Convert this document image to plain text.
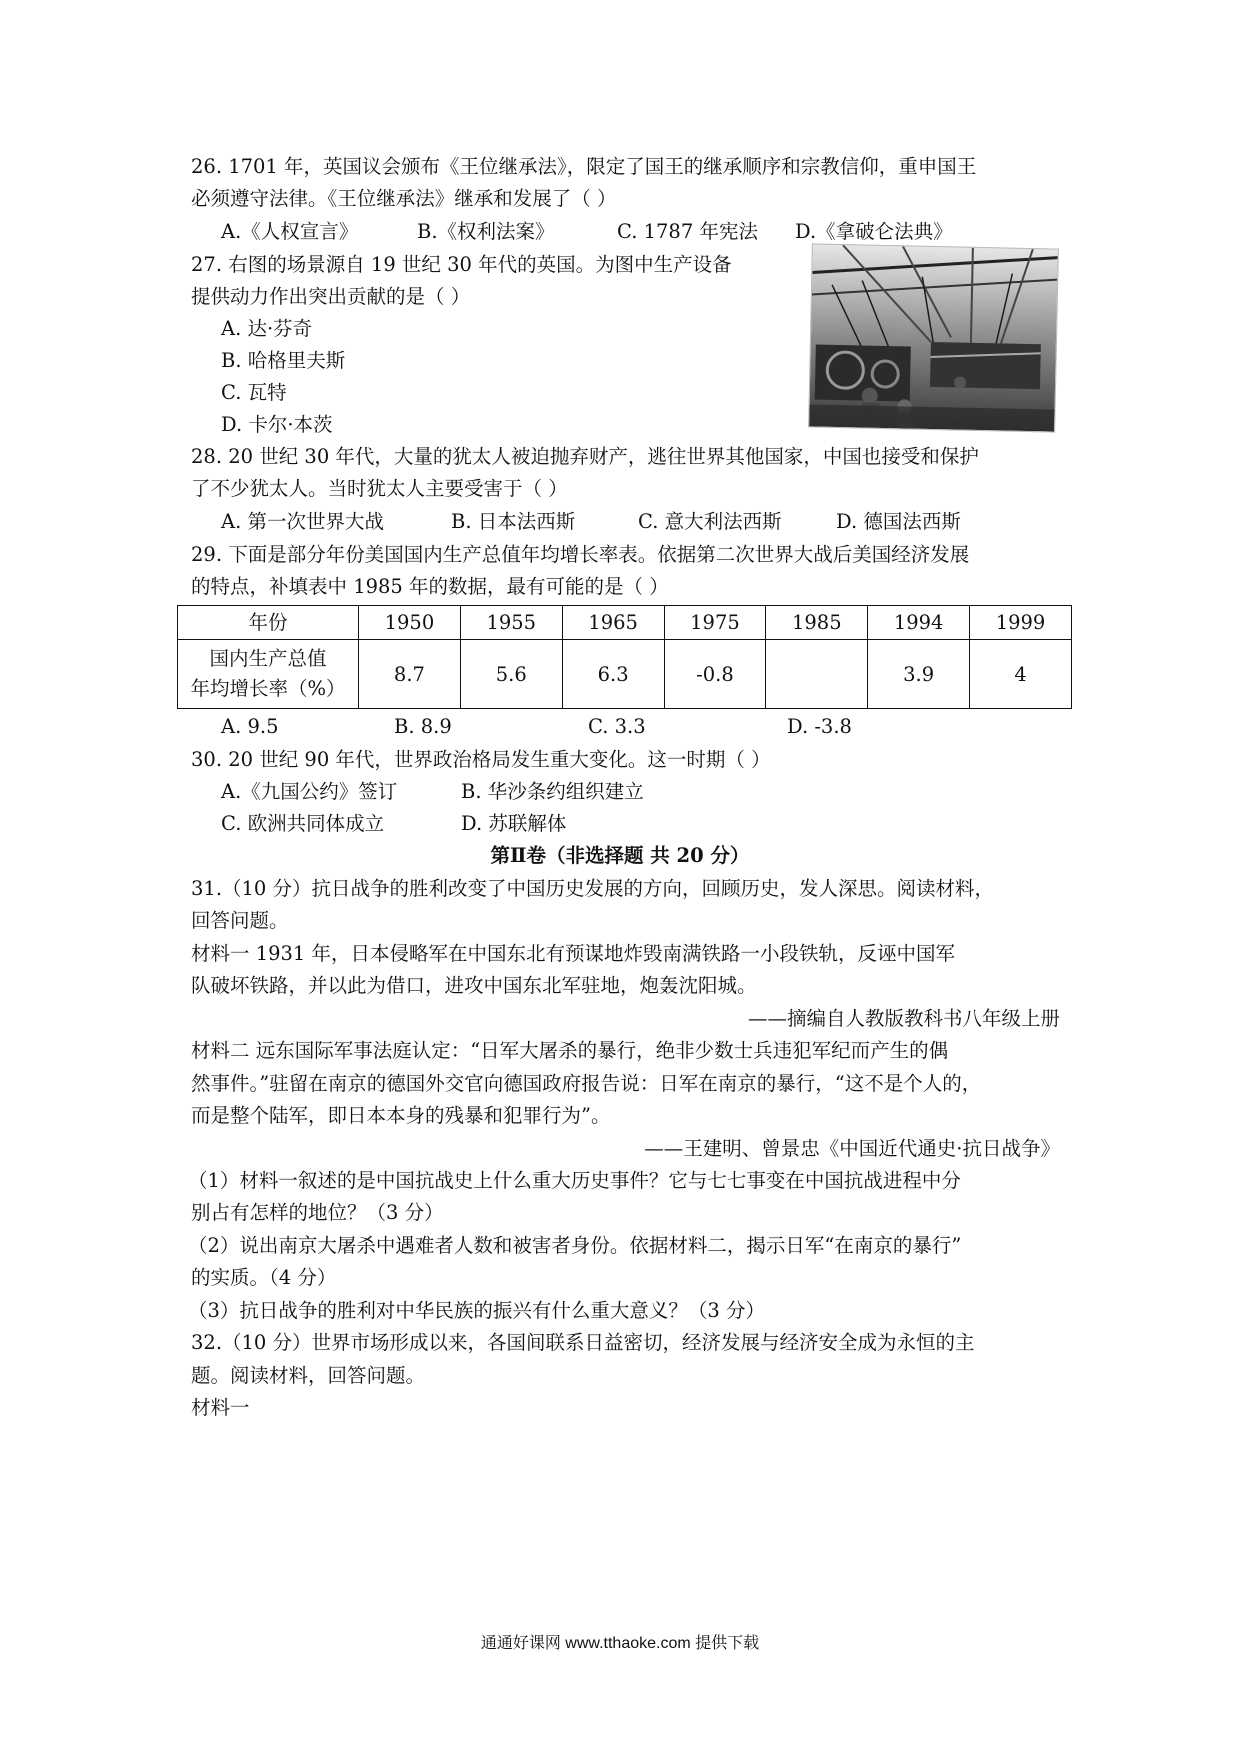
26. 1701 年，英国议会颁布《王位继承法》，限定了国王的继承顺序和宗教信仰，重申国王
必须遵守法律。《王位继承法》继承和发展了（ ）
A.《人权宣言》	B.《权利法案》	C. 1787 年宪法 D.《拿破仑法典》
27. 右图的场景源自 19 世纪 30 年代的英国。为图中生产设备
提供动力作出突出贡献的是（ ）
A. 达·芬奇
B. 哈格里夫斯
C. 瓦特
D. 卡尔·本茨
28. 20 世纪 30 年代，大量的犹太人被迫抛弃财产，逃往世界其他国家，中国也接受和保护
了不少犹太人。当时犹太人主要受害于（ ）
A. 第一次世界大战	B. 日本法西斯	C. 意大利法西斯	D. 德国法西斯
29. 下面是部分年份美国国内生产总值年均增长率表。依据第二次世界大战后美国经济发展
的特点，补填表中 1985 年的数据，最有可能的是（ ）
年份	1950	1955	1965	1975	1985	1994	1999

国内生产总值
年均增长率（%）	8.7	5.6	6.3	-0.8		3.9	4
A. 9.5	B. 8.9	C. 3.3	D. -3.8
30. 20 世纪 90 年代，世界政治格局发生重大变化。这一时期（ ）
A.《九国公约》签订	B. 华沙条约组织建立
C. 欧洲共同体成立	D. 苏联解体
第Ⅱ卷（非选择题 共 20 分）
31.（10 分）抗日战争的胜利改变了中国历史发展的方向，回顾历史，发人深思。阅读材料，
回答问题。
材料一 1931 年，日本侵略军在中国东北有预谋地炸毁南满铁路一小段铁轨，反诬中国军
队破坏铁路，并以此为借口，进攻中国东北军驻地，炮轰沈阳城。
——摘编自人教版教科书八年级上册
材料二 远东国际军事法庭认定：“日军大屠杀的暴行，绝非少数士兵违犯军纪而产生的偶
然事件。”驻留在南京的德国外交官向德国政府报告说：日军在南京的暴行，“这不是个人的，
而是整个陆军，即日本本身的残暴和犯罪行为”。
——王建明、曾景忠《中国近代通史·抗日战争》
（1）材料一叙述的是中国抗战史上什么重大历史事件？它与七七事变在中国抗战进程中分
别占有怎样的地位？（3 分）
（2）说出南京大屠杀中遇难者人数和被害者身份。依据材料二，揭示日军“在南京的暴行”
的实质。（4 分）
（3）抗日战争的胜利对中华民族的振兴有什么重大意义？（3 分）
32.（10 分）世界市场形成以来，各国间联系日益密切，经济发展与经济安全成为永恒的主
题。阅读材料，回答问题。
材料一
通通好课网 www.tthaoke.com 提供下载
